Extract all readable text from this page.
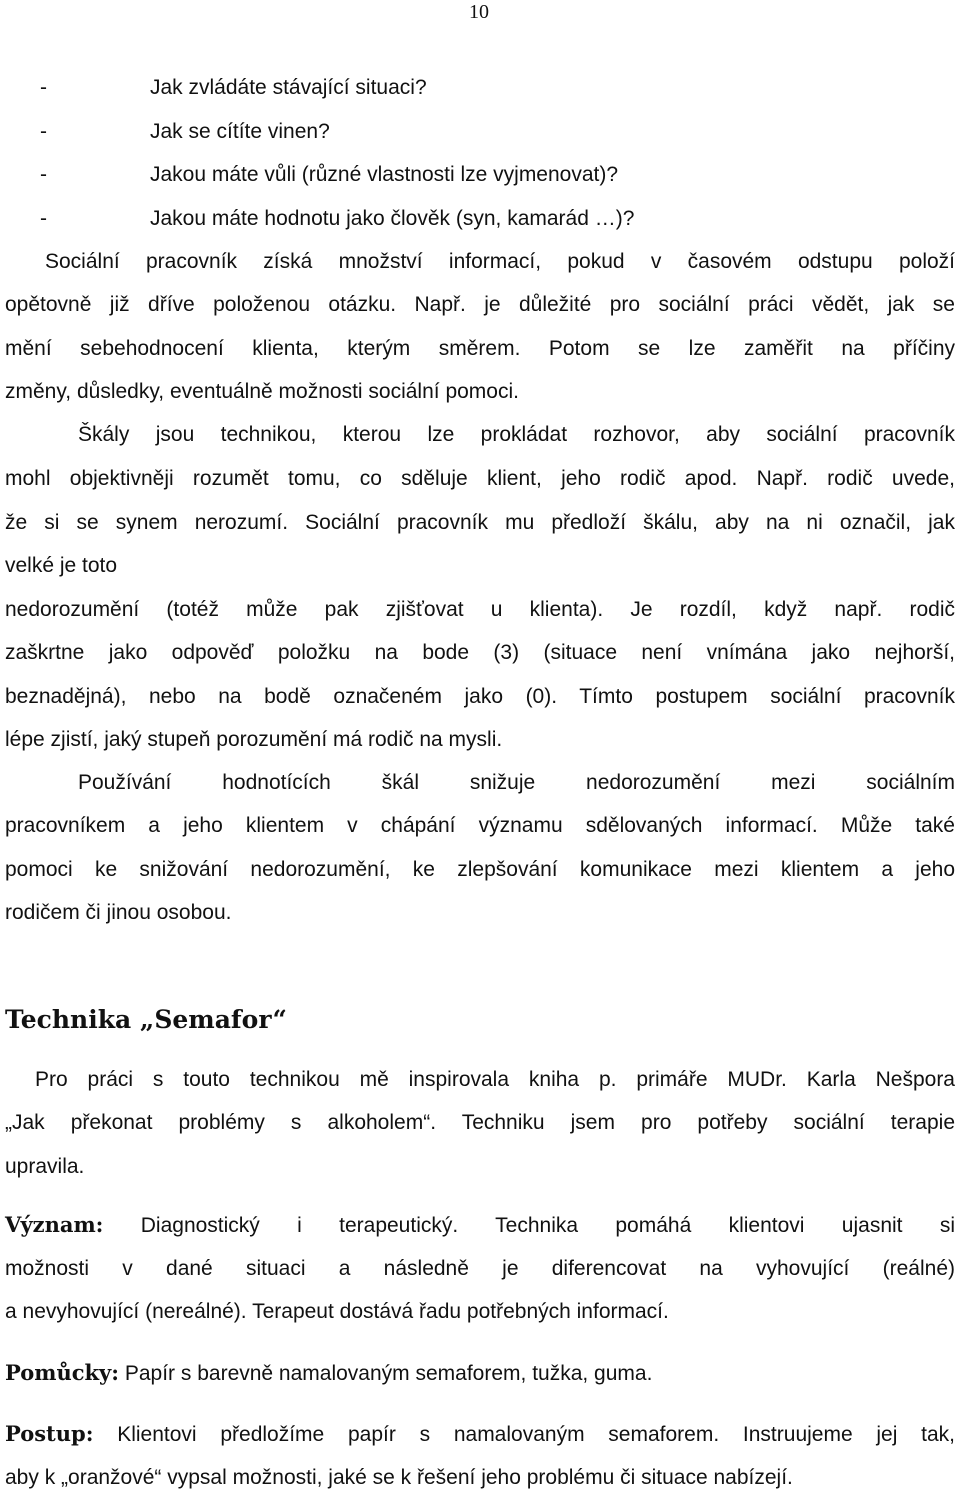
10
-	Jak zvládáte stávající situaci?
-	Jak se cítíte vinen?
-	Jakou máte vůli (různé vlastnosti lze vyjmenovat)?
-	Jakou máte hodnotu jako člověk (syn, kamarád …)?
Sociální pracovník získá množství informací, pokud v časovém odstupu položí
opětovně již dříve položenou otázku. Např. je důležité pro sociální práci vědět, jak se
mění sebehodnocení klienta, kterým směrem. Potom se lze zaměřit na příčiny
změny, důsledky, eventuálně možnosti sociální pomoci.
Škály jsou technikou, kterou lze prokládat rozhovor, aby sociální pracovník
mohl objektivněji rozumět tomu, co sděluje klient, jeho rodič apod. Např. rodič uvede,
že si se synem nerozumí. Sociální pracovník mu předloží škálu, aby na ni označil, jak
velké je toto
nedorozumění (totéž může pak zjišťovat u klienta). Je rozdíl, když např. rodič
zaškrtne jako odpověď položku na bode (3) (situace není vnímána jako nejhorší,
beznadějná), nebo na bodě označeném jako (0). Tímto postupem sociální pracovník
lépe zjistí, jaký stupeň porozumění má rodič na mysli.
Používání hodnotících škál snižuje nedorozumění mezi sociálním
pracovníkem a jeho klientem v chápání významu sdělovaných informací. Může také
pomoci ke snižování nedorozumění, ke zlepšování komunikace mezi klientem a jeho
rodičem či jinou osobou.
Technika „Semafor“
Pro práci s touto technikou mě inspirovala kniha p. primáře MUDr. Karla Nešpora
„Jak překonat problémy s alkoholem“. Techniku jsem pro potřeby sociální terapie
upravila.
Význam: Diagnostický i terapeutický. Technika pomáhá klientovi ujasnit si
možnosti v dané situaci a následně je diferencovat na vyhovující (reálné)
a nevyhovující (nereálné). Terapeut dostává řadu potřebných informací.
Pomůcky: Papír s barevně namalovaným semaforem, tužka, guma.
Postup: Klientovi předložíme papír s namalovaným semaforem. Instruujeme jej tak,
aby k „oranžové“ vypsal možnosti, jaké se k řešení jeho problému či situace nabízejí.
